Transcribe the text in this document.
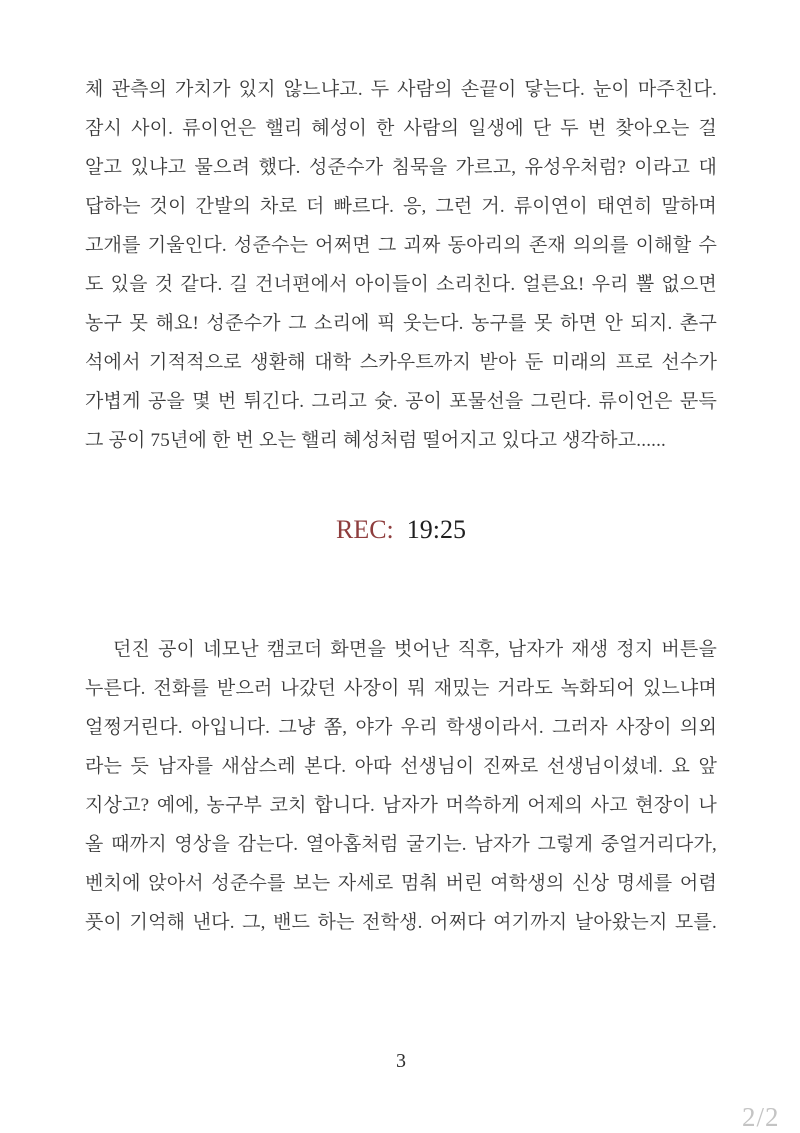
체 관측의 가치가 있지 않느냐고. 두 사람의 손끝이 닿는다. 눈이 마주친다.
잠시 사이. 류이언은 핼리 혜성이 한 사람의 일생에 단 두 번 찾아오는 걸
알고 있냐고 물으려 했다. 성준수가 침묵을 가르고, 유성우처럼? 이라고 대
답하는 것이 간발의 차로 더 빠르다. 응, 그런 거. 류이연이 태연히 말하며
고개를 기울인다. 성준수는 어쩌면 그 괴짜 동아리의 존재 의의를 이해할 수
도 있을 것 같다. 길 건너편에서 아이들이 소리친다. 얼른요! 우리 뽈 없으면
농구 못 해요! 성준수가 그 소리에 픽 웃는다. 농구를 못 하면 안 되지. 촌구
석에서 기적적으로 생환해 대학 스카우트까지 받아 둔 미래의 프로 선수가
가볍게 공을 몇 번 튀긴다. 그리고 슛. 공이 포물선을 그린다. 류이언은 문득
그 공이 75년에 한 번 오는 핼리 혜성처럼 떨어지고 있다고 생각하고......
REC: 19:25
던진 공이 네모난 캠코더 화면을 벗어난 직후, 남자가 재생 정지 버튼을
누른다. 전화를 받으러 나갔던 사장이 뭐 재밌는 거라도 녹화되어 있느냐며
얼쩡거린다. 아입니다. 그냥 쫌, 야가 우리 학생이라서. 그러자 사장이 의외
라는 듯 남자를 새삼스레 본다. 아따 선생님이 진짜로 선생님이셨네. 요 앞
지상고? 예에, 농구부 코치 합니다. 남자가 머쓱하게 어제의 사고 현장이 나
올 때까지 영상을 감는다. 열아홉처럼 굴기는. 남자가 그렇게 중얼거리다가,
벤치에 앉아서 성준수를 보는 자세로 멈춰 버린 여학생의 신상 명세를 어렴
풋이 기억해 낸다. 그, 밴드 하는 전학생. 어쩌다 여기까지 날아왔는지 모를.
3
2/2
